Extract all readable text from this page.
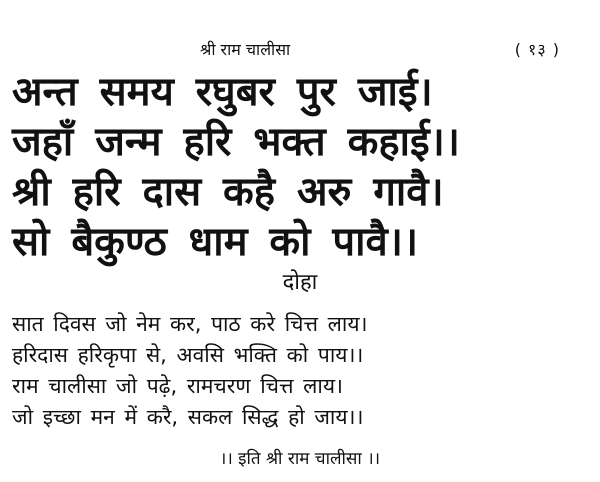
श्री राम चालीसा	( १३ )
अन्त समय रघुबर पुर जाई।
जहाँ जन्म हरि भक्त कहाई।।
श्री हरि दास कहै अरु गावै।
सो बैकुण्ठ धाम को पावै।।
दोहा
सात दिवस जो नेम कर, पाठ करे चित्त लाय।
हरिदास हरिकृपा से, अवसि भक्ति को पाय।।
राम चालीसा जो पढ़े, रामचरण चित्त लाय।
जो इच्छा मन में करै, सकल सिद्ध हो जाय।।
।। इति श्री राम चालीसा ।।
